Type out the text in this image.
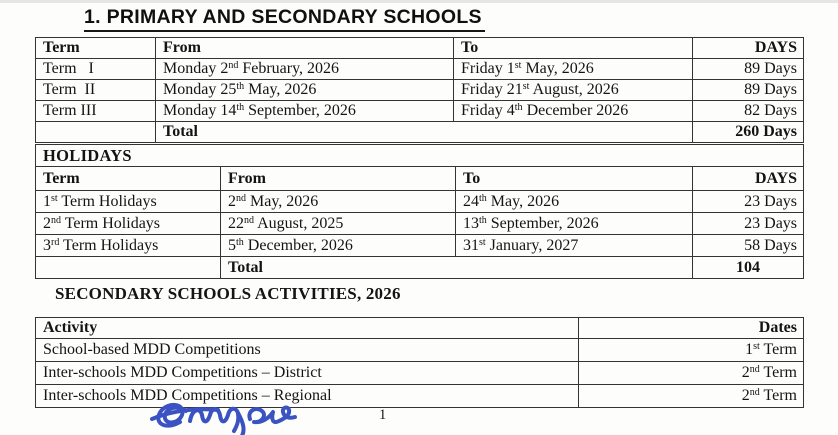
1. PRIMARY AND SECONDARY SCHOOLS
Term	From	To	DAYS
Term   I	Monday 2nd February, 2026	Friday 1st May, 2026	89 Days
Term  II	Monday 25th May, 2026	Friday 21st August, 2026	89 Days
Term III	Monday 14th September, 2026	Friday 4th December 2026	82 Days
	Total		260 Days
HOLIDAYS			
Term	From	To	DAYS
1st Term Holidays	2nd May, 2026	24th May, 2026	23 Days
2nd Term Holidays	22nd August, 2025	13th September, 2026	23 Days
3rd Term Holidays	5th December, 2026	31st January, 2027	58 Days
	Total		104
SECONDARY SCHOOLS ACTIVITIES, 2026
Activity	Dates
School-based MDD Competitions	1st Term
Inter-schools MDD Competitions – District	2nd Term
Inter-schools MDD Competitions – Regional	2nd Term
1
